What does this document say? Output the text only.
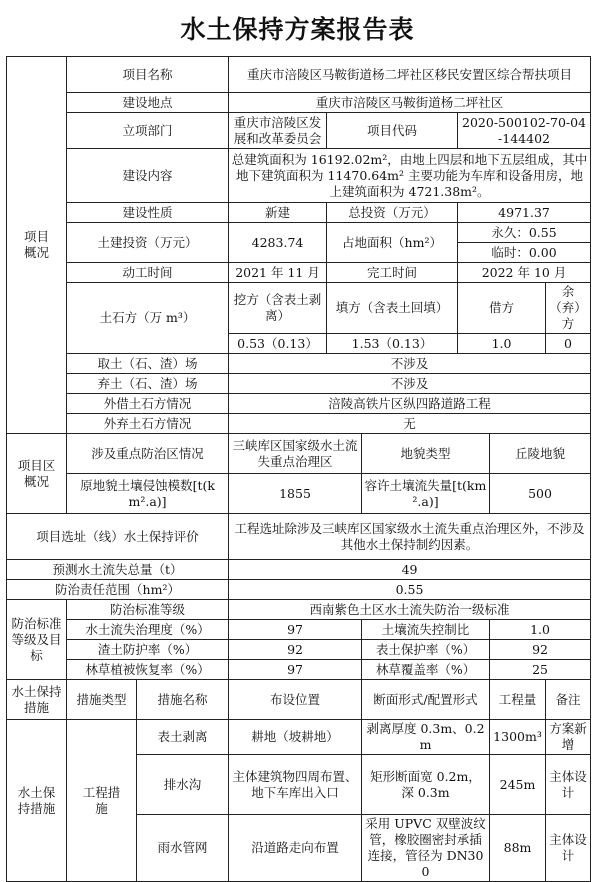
水土保持方案报告表
项目概况	项目名称		重庆市涪陵区马鞍街道杨二坪社区移民安置区综合帮扶项目					
	建设地点		重庆市涪陵区马鞍街道杨二坪社区					
	立项部门		重庆市涪陵区发展和改革委员会	项目代码		2020-500102-70-04-144402		
	建设内容		总建筑面积为 16192.02m²，由地上四层和地下五层组成，其中地下建筑面积为 11470.64m² 主要功能为车库和设备用房，地上建筑面积为 4721.38m²。					
	建设性质		新建	总投资（万元）		4971.37		
	土建投资（万元）		4283.74	占地面积（hm²）		永久：0.55		
						临时：0.00		
	动工时间		2021 年 11 月	完工时间		2022 年 10 月		
	土石方（万 m³）		挖方（含表土剥离）	填方（含表土回填）		借方		余（弃）方
			0.53（0.13）	1.53（0.13）		1.0		0
	取土（石、渣）场		不涉及					
	弃土（石、渣）场		不涉及					
	外借土石方情况		涪陵高铁片区纵四路道路工程					
	外弃土石方情况		无					
项目区概况	涉及重点防治区情况		三峡库区国家级水土流失重点治理区		地貌类型		丘陵地貌	
	原地貌土壤侵蚀模数[t(km².a)]		1855		容许土壤流失量[t(km².a)]		500	
项目选址（线）水土保持评价			工程选址除涉及三峡库区国家级水土流失重点治理区外，不涉及其他水土保持制约因素。					
预测水土流失总量（t）			49					
防治责任范围（hm²）			0.55					
防治标准等级及目标	防治标准等级		西南紫色土区水土流失防治一级标准					
	水土流失治理度（%）		97		土壤流失控制比		1.0	
	渣土防护率（%）		92		表土保护率（%）		92	
	林草植被恢复率（%）		97		林草覆盖率（%）		25	
水土保持措施	措施类型	措施名称	布设位置		断面形式/配置形式		工程量	备注
水土保持措施	工程措施	表土剥离	耕地（坡耕地）		剥离厚度 0.3m、0.2m		1300m³	方案新增
		排水沟	主体建筑物四周布置、地下车库出入口		矩形断面宽 0.2m，深 0.3m		245m	主体设计
		雨水管网	沿道路走向布置		采用 UPVC 双壁波纹管，橡胶圈密封承插连接，管径为 DN300		88m	主体设计
